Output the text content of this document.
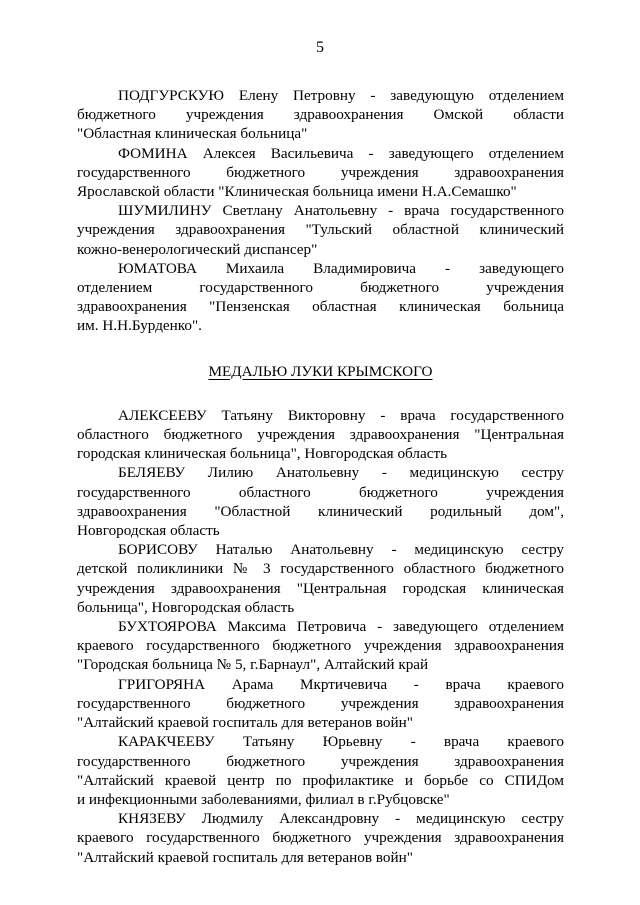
5
ПОДГУРСКУЮ Елену Петровну - заведующую отделением
бюджетного учреждения здравоохранения Омской области
"Областная клиническая больница"
ФОМИНА Алексея Васильевича - заведующего отделением
государственного бюджетного учреждения здравоохранения
Ярославской области "Клиническая больница имени Н.А.Семашко"
ШУМИЛИНУ Светлану Анатольевну - врача государственного
учреждения здравоохранения "Тульский областной клинический
кожно-венерологический диспансер"
ЮМАТОВА Михаила Владимировича - заведующего
отделением государственного бюджетного учреждения
здравоохранения "Пензенская областная клиническая больница
им. Н.Н.Бурденко".
МЕДАЛЬЮ ЛУКИ КРЫМСКОГО
АЛЕКСЕЕВУ Татьяну Викторовну - врача государственного
областного бюджетного учреждения здравоохранения "Центральная
городская клиническая больница", Новгородская область
БЕЛЯЕВУ Лилию Анатольевну - медицинскую сестру
государственного областного бюджетного учреждения
здравоохранения "Областной клинический родильный дом",
Новгородская область
БОРИСОВУ Наталью Анатольевну - медицинскую сестру
детской поликлиники № 3 государственного областного бюджетного
учреждения здравоохранения "Центральная городская клиническая
больница", Новгородская область
БУХТОЯРОВА Максима Петровича - заведующего отделением
краевого государственного бюджетного учреждения здравоохранения
"Городская больница № 5, г.Барнаул", Алтайский край
ГРИГОРЯНА Арама Мкртичевича - врача краевого
государственного бюджетного учреждения здравоохранения
"Алтайский краевой госпиталь для ветеранов войн"
КАРАКЧЕЕВУ Татьяну Юрьевну - врача краевого
государственного бюджетного учреждения здравоохранения
"Алтайский краевой центр по профилактике и борьбе со СПИДом
и инфекционными заболеваниями, филиал в г.Рубцовске"
КНЯЗЕВУ Людмилу Александровну - медицинскую сестру
краевого государственного бюджетного учреждения здравоохранения
"Алтайский краевой госпиталь для ветеранов войн"
